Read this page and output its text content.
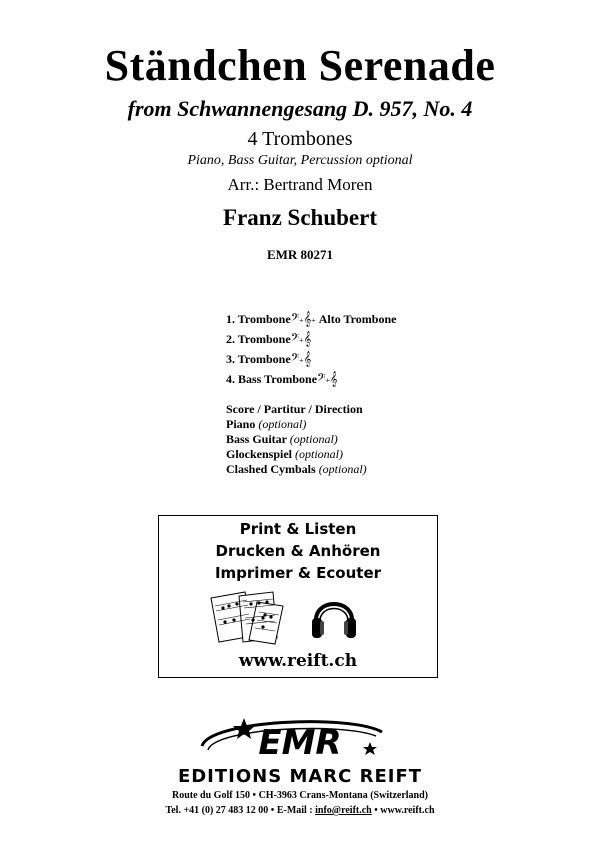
Ständchen Serenade
from Schwannengesang D. 957, No. 4
4 Trombones
Piano, Bass Guitar, Percussion optional
Arr.: Bertrand Moren
Franz Schubert
EMR 80271
1. Trombone𝄢+𝄞+ Alto Trombone
2. Trombone𝄢+𝄞
3. Trombone𝄢+𝄞
4. Bass Trombone𝄢+𝄞
Score / Partitur / Direction
Piano (optional)
Bass Guitar (optional)
Glockenspiel (optional)
Clashed Cymbals (optional)
Print & Listen
Drucken & Anhören
Imprimer & Ecouter
www.reift.ch
EMR
EDITIONS MARC REIFT
Route du Golf 150 • CH-3963 Crans-Montana (Switzerland)
Tel. +41 (0) 27 483 12 00 • E-Mail : info@reift.ch • www.reift.ch
